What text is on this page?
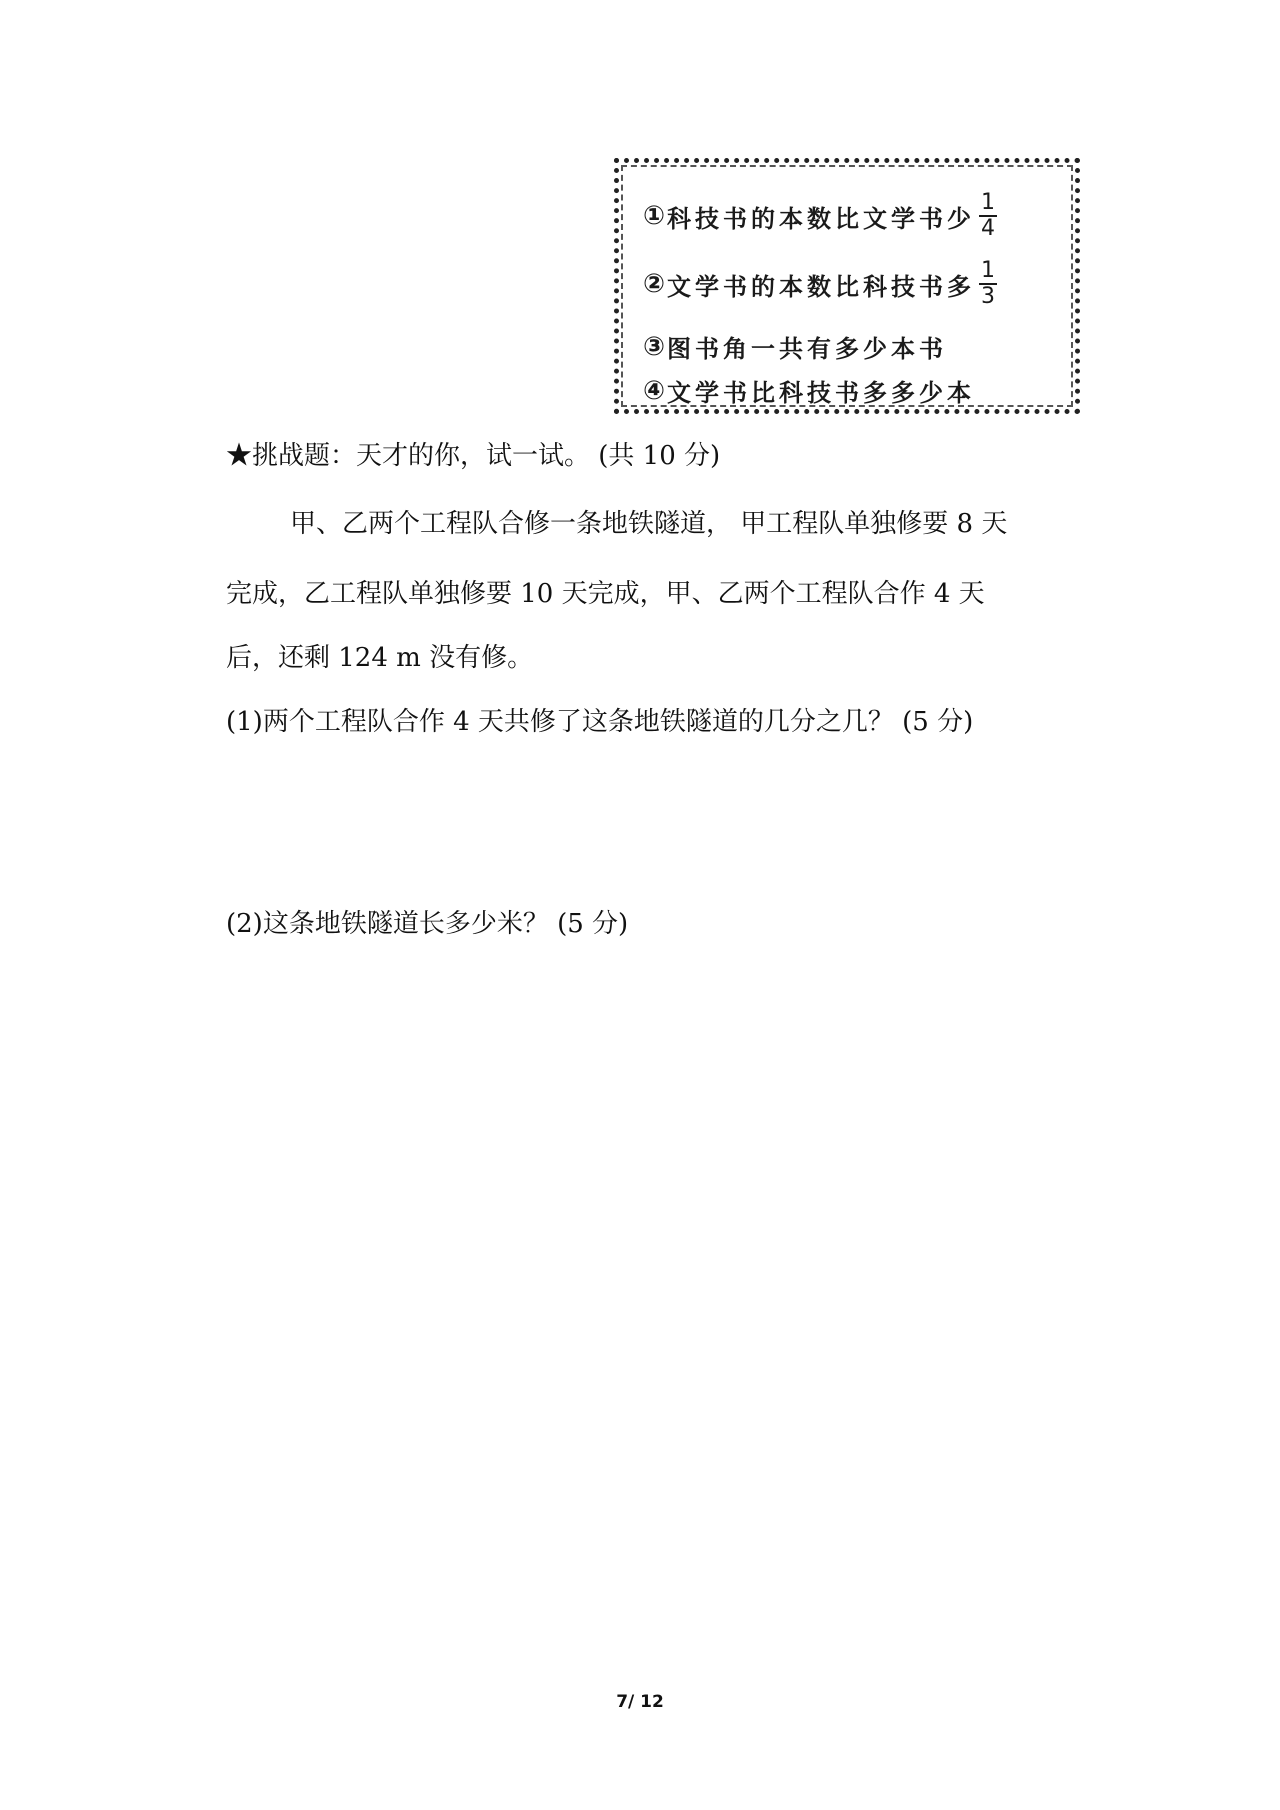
① 科技书的本数比文学书少 $\frac{1}{4}$
② 文学书的本数比科技书多 $\frac{1}{3}$
③ 图书角一共有多少本书
④ 文学书比科技书多多少本
★挑战题：天才的你，试一试。 (共 10 分)
甲、乙两个工程队合修一条地铁隧道， 甲工程队单独修要 8 天
完成，乙工程队单独修要 10 天完成，甲、乙两个工程队合作 4 天
后，还剩 124 m 没有修。
(1)两个工程队合作 4 天共修了这条地铁隧道的几分之几？ (5 分)
(2)这条地铁隧道长多少米？ (5 分)
7/ 12
